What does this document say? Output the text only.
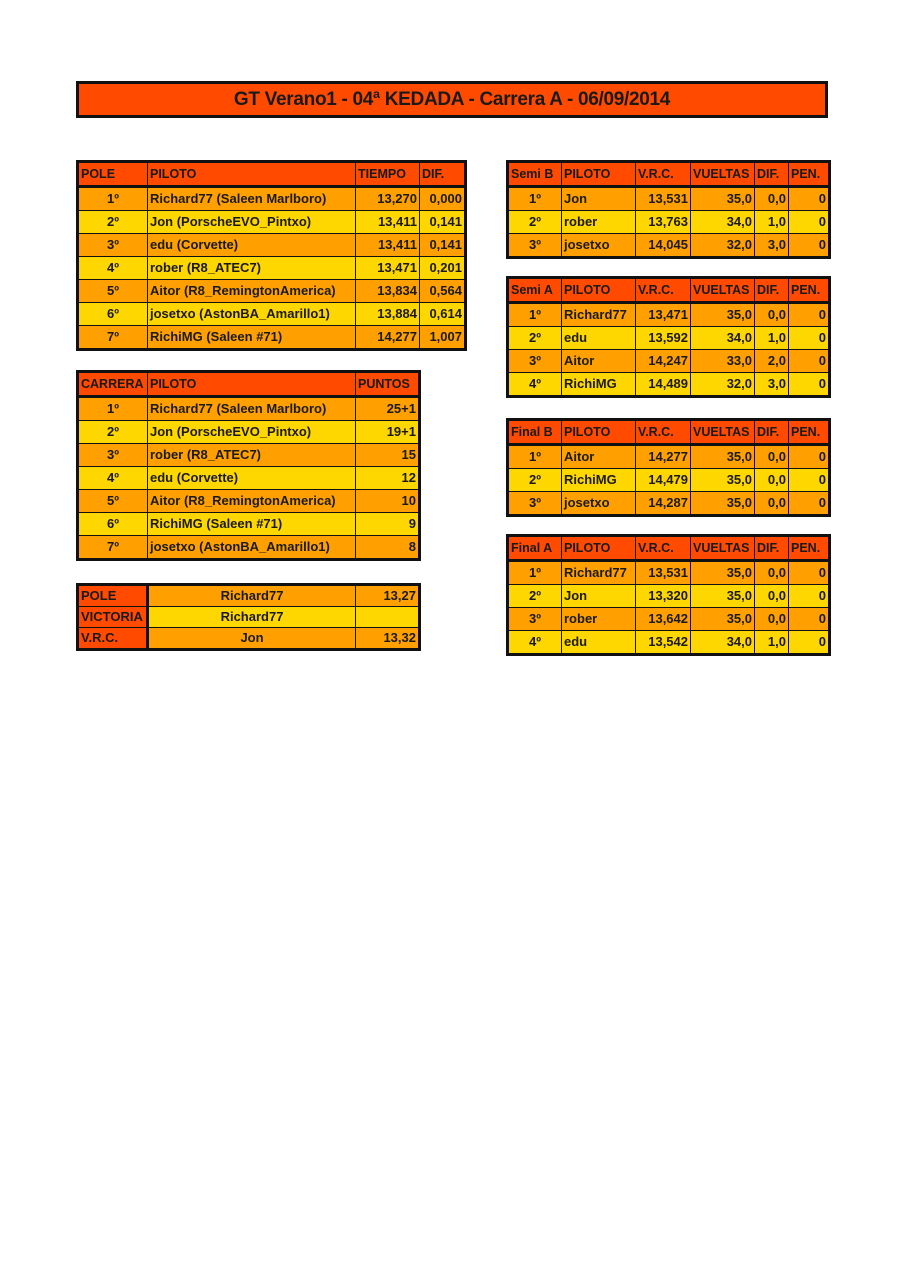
GT Verano1 - 04ª KEDADA - Carrera A - 06/09/2014
POLE	PILOTO	TIEMPO	DIF.
1º	Richard77 (Saleen Marlboro)	13,270	0,000
2º	Jon (PorscheEVO_Pintxo)	13,411	0,141
3º	edu (Corvette)	13,411	0,141
4º	rober (R8_ATEC7)	13,471	0,201
5º	Aitor (R8_RemingtonAmerica)	13,834	0,564
6º	josetxo (AstonBA_Amarillo1)	13,884	0,614
7º	RichiMG (Saleen #71)	14,277	1,007
CARRERA	PILOTO	PUNTOS
1º	Richard77 (Saleen Marlboro)	25+1
2º	Jon (PorscheEVO_Pintxo)	19+1
3º	rober (R8_ATEC7)	15
4º	edu (Corvette)	12
5º	Aitor (R8_RemingtonAmerica)	10
6º	RichiMG (Saleen #71)	9
7º	josetxo (AstonBA_Amarillo1)	8
POLE	Richard77	13,27
VICTORIA	Richard77	
V.R.C.	Jon	13,32
Semi B	PILOTO	V.R.C.	VUELTAS	DIF.	PEN.
1º	Jon	13,531	35,0	0,0	0
2º	rober	13,763	34,0	1,0	0
3º	josetxo	14,045	32,0	3,0	0
Semi A	PILOTO	V.R.C.	VUELTAS	DIF.	PEN.
1º	Richard77	13,471	35,0	0,0	0
2º	edu	13,592	34,0	1,0	0
3º	Aitor	14,247	33,0	2,0	0
4º	RichiMG	14,489	32,0	3,0	0
Final B	PILOTO	V.R.C.	VUELTAS	DIF.	PEN.
1º	Aitor	14,277	35,0	0,0	0
2º	RichiMG	14,479	35,0	0,0	0
3º	josetxo	14,287	35,0	0,0	0
Final A	PILOTO	V.R.C.	VUELTAS	DIF.	PEN.
1º	Richard77	13,531	35,0	0,0	0
2º	Jon	13,320	35,0	0,0	0
3º	rober	13,642	35,0	0,0	0
4º	edu	13,542	34,0	1,0	0
